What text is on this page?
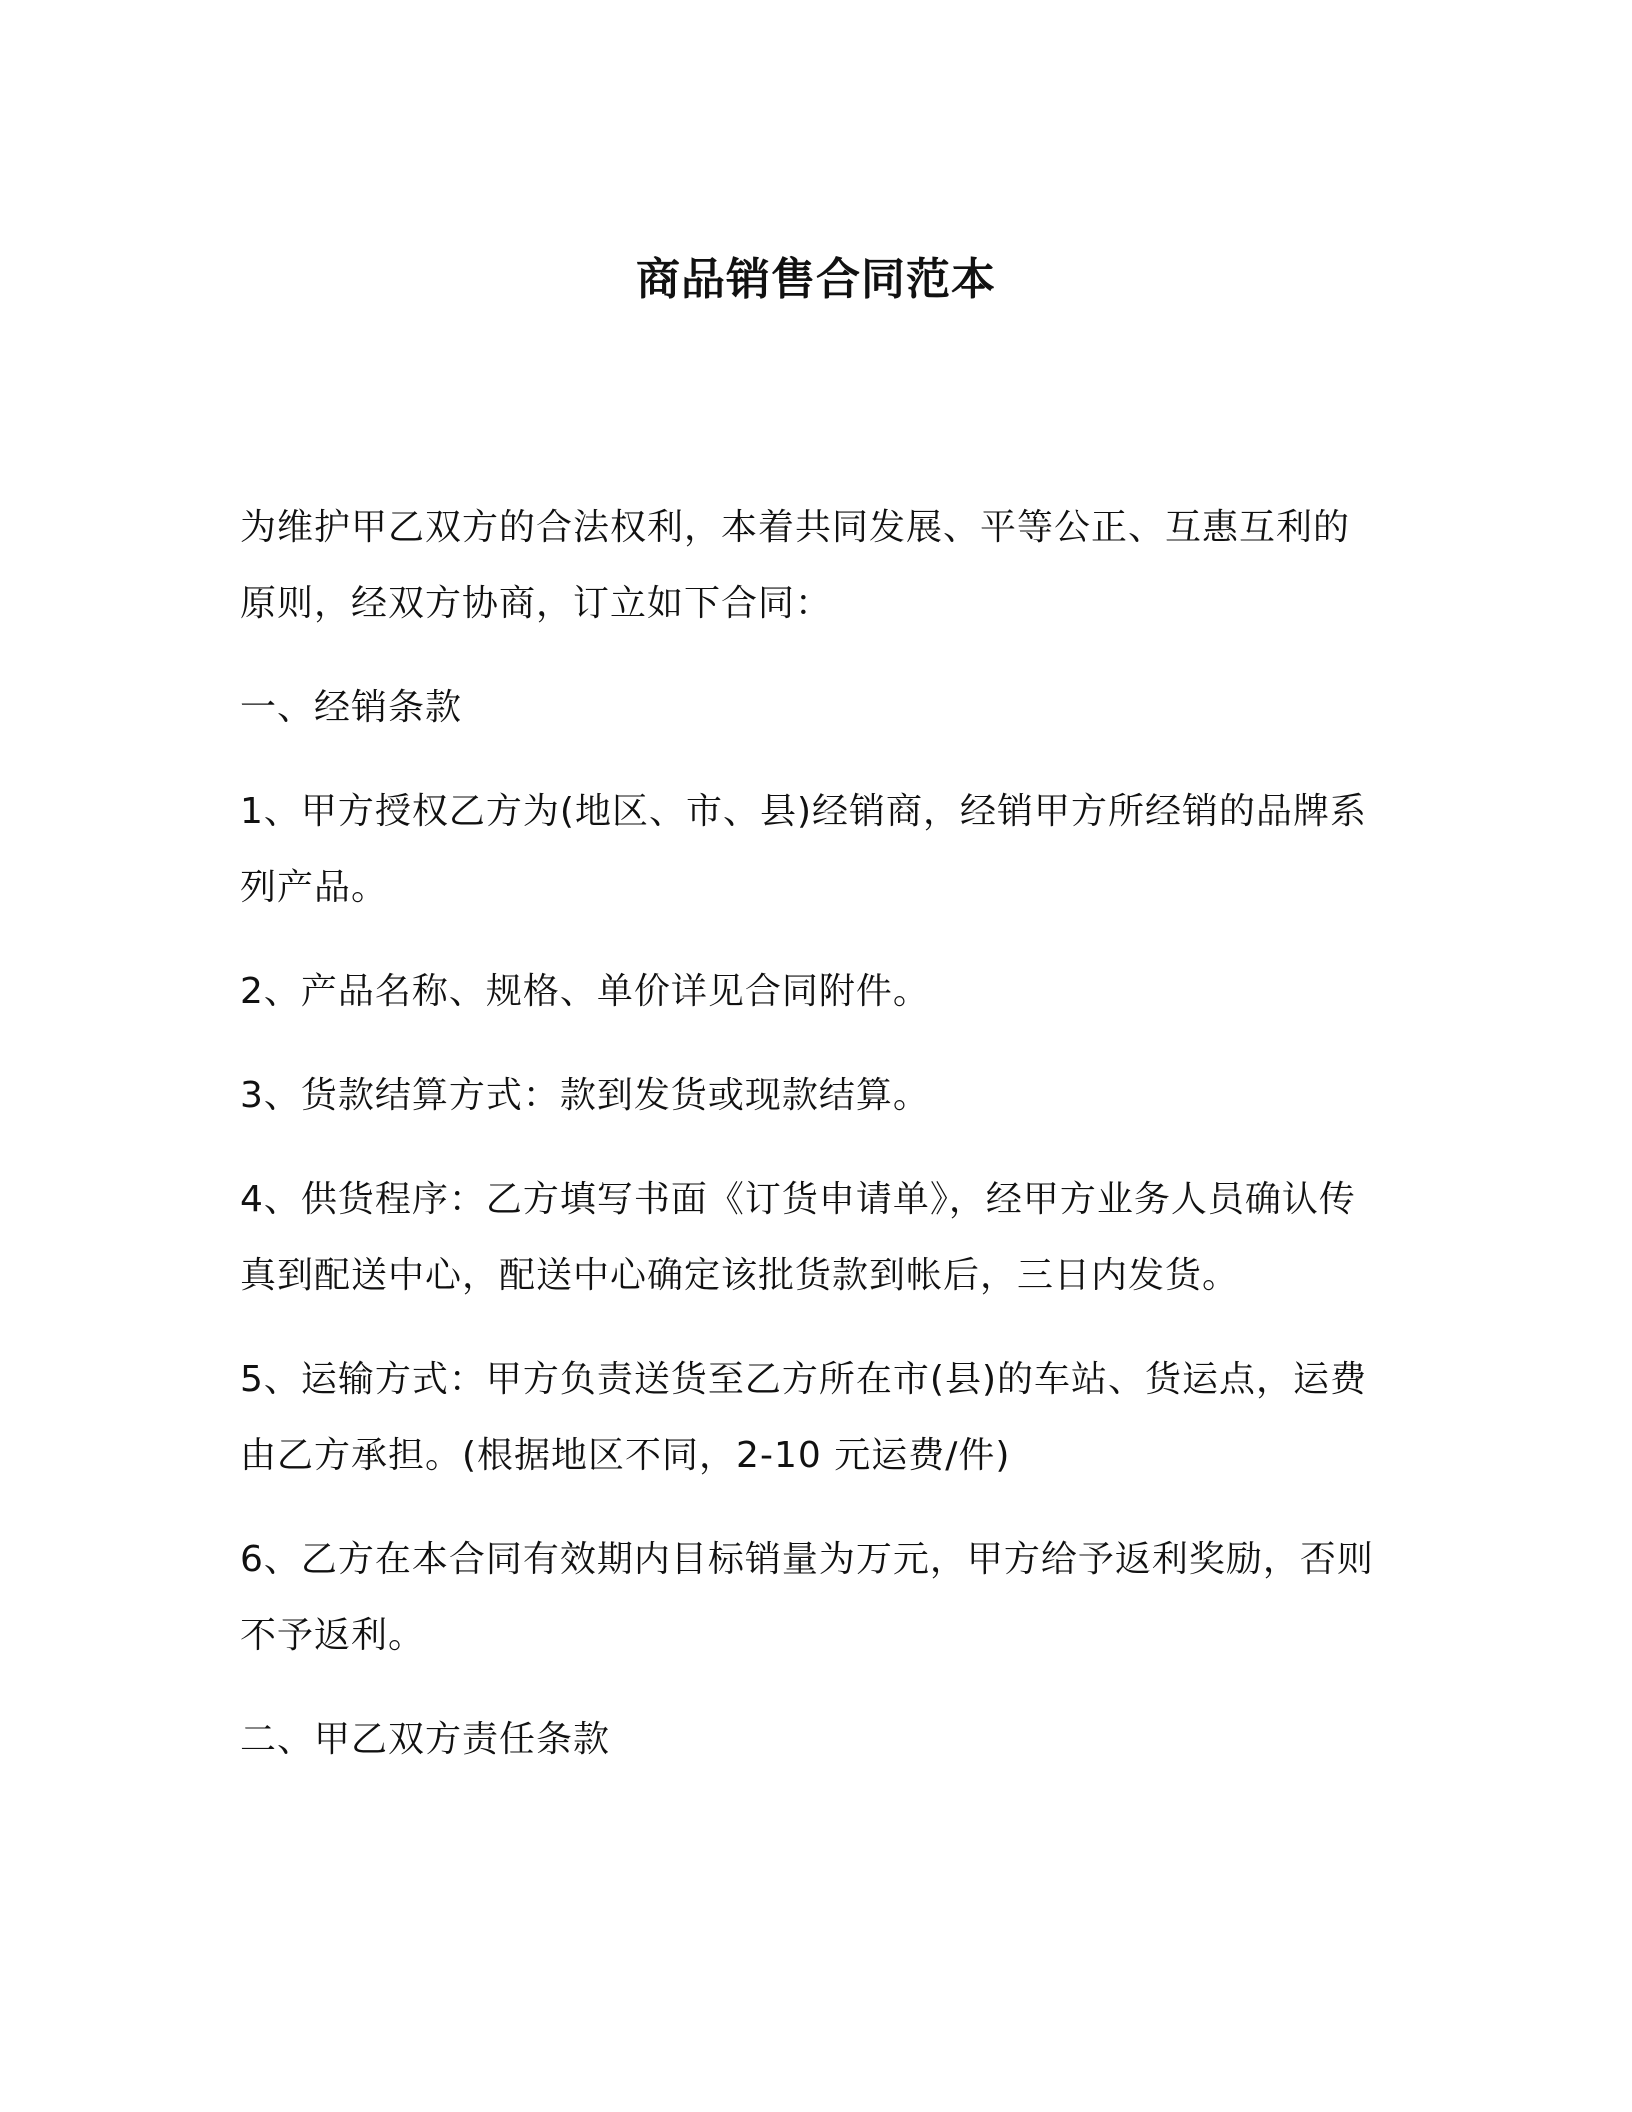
商品销售合同范本

为维护甲乙双方的合法权利，本着共同发展、平等公正、互惠互利的
原则，经双方协商，订立如下合同：

一、经销条款

1、甲方授权乙方为(地区、市、县)经销商，经销甲方所经销的品牌系
列产品。

2、产品名称、规格、单价详见合同附件。

3、货款结算方式：款到发货或现款结算。

4、供货程序：乙方填写书面《订货申请单》，经甲方业务人员确认传
真到配送中心，配送中心确定该批货款到帐后，三日内发货。

5、运输方式：甲方负责送货至乙方所在市(县)的车站、货运点，运费
由乙方承担。(根据地区不同，2-10 元运费/件)

6、乙方在本合同有效期内目标销量为万元，甲方给予返利奖励，否则
不予返利。

二、甲乙双方责任条款
